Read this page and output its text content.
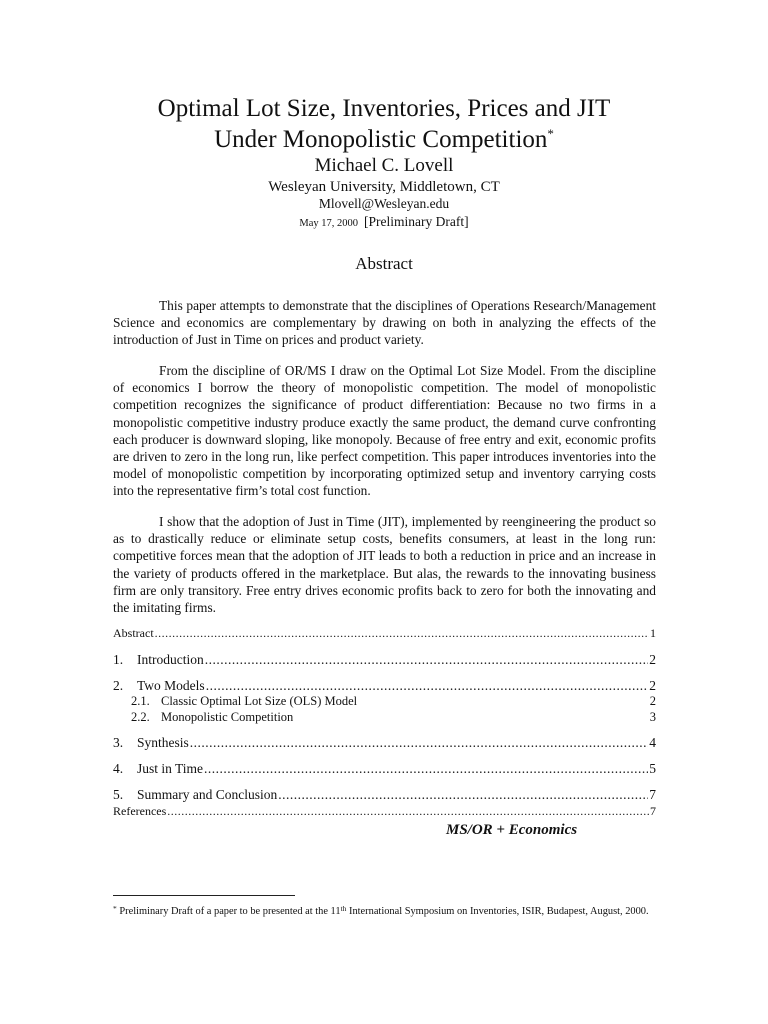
Optimal Lot Size, Inventories, Prices and JIT
Under Monopolistic Competition*
Michael C. Lovell
Wesleyan University, Middletown, CT
Mlovell@Wesleyan.edu
May 17, 2000 [Preliminary Draft]
Abstract

This paper attempts to demonstrate that the disciplines of Operations Research/Management Science and economics are complementary by drawing on both in analyzing the effects of the introduction of Just in Time on prices and product variety.

From the discipline of OR/MS I draw on the Optimal Lot Size Model. From the discipline of economics I borrow the theory of monopolistic competition. The model of monopolistic competition recognizes the significance of product differentiation: Because no two firms in a monopolistic competitive industry produce exactly the same product, the demand curve confronting each producer is downward sloping, like monopoly. Because of free entry and exit, economic profits are driven to zero in the long run, like perfect competition. This paper introduces inventories into the model of monopolistic competition by incorporating optimized setup and inventory carrying costs into the representative firm’s total cost function.

I show that the adoption of Just in Time (JIT), implemented by reengineering the product so as to drastically reduce or eliminate setup costs, benefits consumers, at least in the long run: competitive forces mean that the adoption of JIT leads to both a reduction in price and an increase in the variety of products offered in the marketplace. But alas, the rewards to the innovating business firm are only transitory. Free entry drives economic profits back to zero for both the innovating and the imitating firms.

Abstract .....	1
1.	Introduction .....	2
2.	Two Models .....	2
2.1. Classic Optimal Lot Size (OLS) Model	2
2.2. Monopolistic Competition	3
3.	Synthesis .....	4
4.	Just in Time .....	5
5.	Summary and Conclusion .....	7
References .....	7
MS/OR + Economics

* Preliminary Draft of a paper to be presented at the 11th International Symposium on Inventories, ISIR, Budapest, August, 2000.
